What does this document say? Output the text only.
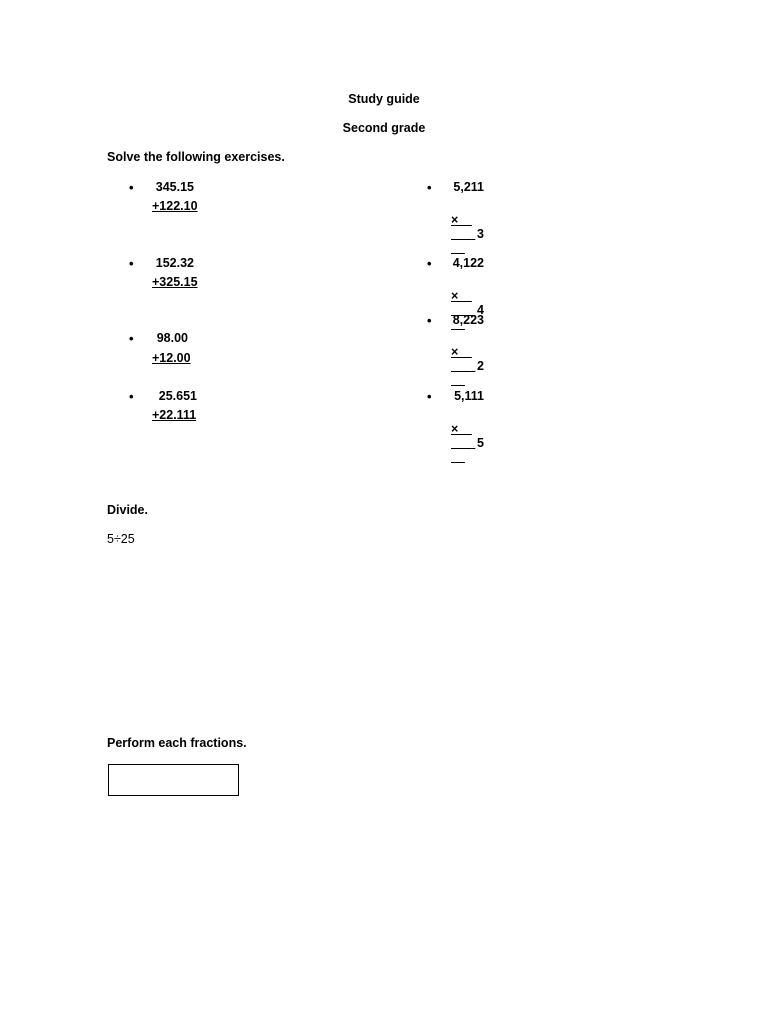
Study guide
Second grade
Solve the following exercises.
•	345.15
+122.10
•	152.32
+325.15
•	98.00
+12.00
•	25.651
+22.111
• 5,211

×

3

• 4,122

×

4

• 8,223

×

2

•	5,111

×

5

Divide.
5÷25
Perform each fractions.
